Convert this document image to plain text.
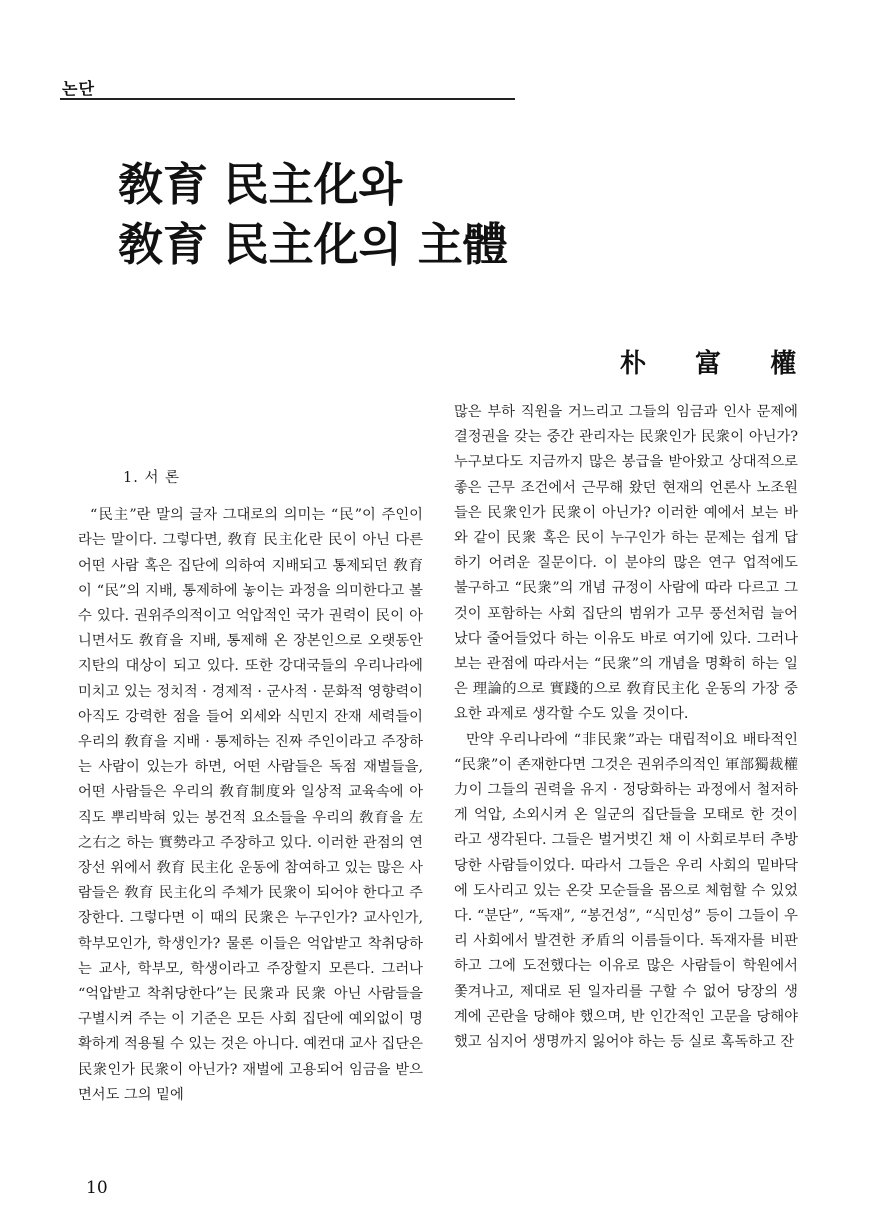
논단
敎育 民主化와
敎育 民主化의 主體
朴 富 權
1. 서 론

“民主”란 말의 글자 그대로의 의미는 “民”이 주인이라는 말이다. 그렇다면, 敎育 民主化란 民이 아닌 다른 어떤 사람 혹은 집단에 의하여 지배되고 통제되던 敎育이 “民”의 지배, 통제하에 놓이는 과정을 의미한다고 볼 수 있다. 권위주의적이고 억압적인 국가 권력이 民이 아니면서도 敎育을 지배, 통제해 온 장본인으로 오랫동안 지탄의 대상이 되고 있다. 또한 강대국들의 우리나라에 미치고 있는 정치적 · 경제적 · 군사적 · 문화적 영향력이 아직도 강력한 점을 들어 외세와 식민지 잔재 세력들이 우리의 敎育을 지배 · 통제하는 진짜 주인이라고 주장하는 사람이 있는가 하면, 어떤 사람들은 독점 재벌들을, 어떤 사람들은 우리의 敎育制度와 일상적 교육속에 아직도 뿌리박혀 있는 봉건적 요소들을 우리의 敎育을 左之右之 하는 實勢라고 주장하고 있다. 이러한 관점의 연장선 위에서 敎育 民主化 운동에 참여하고 있는 많은 사람들은 敎育 民主化의 주체가 民衆이 되어야 한다고 주장한다. 그렇다면 이 때의 民衆은 누구인가? 교사인가, 학부모인가, 학생인가? 물론 이들은 억압받고 착취당하는 교사, 학부모, 학생이라고 주장할지 모른다. 그러나 “억압받고 착취당한다”는 民衆과 民衆 아닌 사람들을 구별시켜 주는 이 기준은 모든 사회 집단에 예외없이 명확하게 적용될 수 있는 것은 아니다. 예컨대 교사 집단은 民衆인가 民衆이 아닌가? 재벌에 고용되어 임금을 받으면서도 그의 밑에

많은 부하 직원을 거느리고 그들의 임금과 인사 문제에 결정권을 갖는 중간 관리자는 民衆인가 民衆이 아닌가? 누구보다도 지금까지 많은 봉급을 받아왔고 상대적으로 좋은 근무 조건에서 근무해 왔던 현재의 언론사 노조원들은 民衆인가 民衆이 아닌가? 이러한 예에서 보는 바와 같이 民衆 혹은 民이 누구인가 하는 문제는 쉽게 답하기 어려운 질문이다. 이 분야의 많은 연구 업적에도 불구하고 “民衆”의 개념 규정이 사람에 따라 다르고 그것이 포함하는 사회 집단의 범위가 고무 풍선처럼 늘어났다 줄어들었다 하는 이유도 바로 여기에 있다. 그러나 보는 관점에 따라서는 “民衆”의 개념을 명확히 하는 일은 理論的으로 實踐的으로 敎育民主化 운동의 가장 중요한 과제로 생각할 수도 있을 것이다.

만약 우리나라에 “非民衆”과는 대립적이요 배타적인 “民衆”이 존재한다면 그것은 권위주의적인 軍部獨裁權力이 그들의 권력을 유지 · 정당화하는 과정에서 철저하게 억압, 소외시켜 온 일군의 집단들을 모태로 한 것이라고 생각된다. 그들은 벌거벗긴 채 이 사회로부터 추방당한 사람들이었다. 따라서 그들은 우리 사회의 밑바닥에 도사리고 있는 온갖 모순들을 몸으로 체험할 수 있었다. “분단”, “독재”, “봉건성”, “식민성” 등이 그들이 우리 사회에서 발견한 矛盾의 이름들이다. 독재자를 비판하고 그에 도전했다는 이유로 많은 사람들이 학원에서 쫓겨나고, 제대로 된 일자리를 구할 수 없어 당장의 생계에 곤란을 당해야 했으며, 반 인간적인 고문을 당해야 했고 심지어 생명까지 잃어야 하는 등 실로 혹독하고 잔

10
